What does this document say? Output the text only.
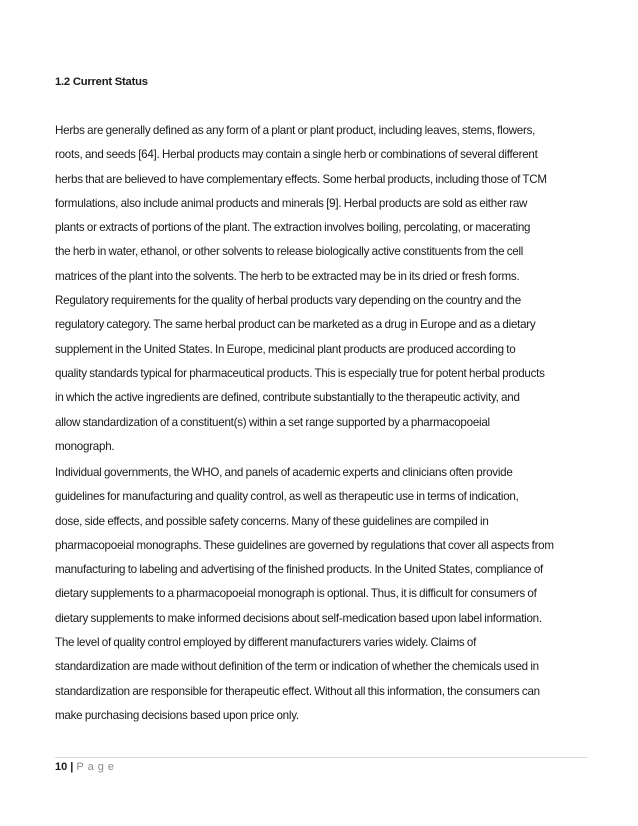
1.2 Current Status

Herbs are generally defined as any form of a plant or plant product, including leaves, stems, flowers,
roots, and seeds [64]. Herbal products may contain a single herb or combinations of several different
herbs that are believed to have complementary effects. Some herbal products, including those of TCM
formulations, also include animal products and minerals [9]. Herbal products are sold as either raw
plants or extracts of portions of the plant. The extraction involves boiling, percolating, or macerating
the herb in water, ethanol, or other solvents to release biologically active constituents from the cell
matrices of the plant into the solvents. The herb to be extracted may be in its dried or fresh forms.
Regulatory requirements for the quality of herbal products vary depending on the country and the
regulatory category. The same herbal product can be marketed as a drug in Europe and as a dietary
supplement in the United States. In Europe, medicinal plant products are produced according to
quality standards typical for pharmaceutical products. This is especially true for potent herbal products
in which the active ingredients are defined, contribute substantially to the therapeutic activity, and
allow standardization of a constituent(s) within a set range supported by a pharmacopoeial
monograph.

Individual governments, the WHO, and panels of academic experts and clinicians often provide
guidelines for manufacturing and quality control, as well as therapeutic use in terms of indication,
dose, side effects, and possible safety concerns. Many of these guidelines are compiled in
pharmacopoeial monographs. These guidelines are governed by regulations that cover all aspects from
manufacturing to labeling and advertising of the finished products. In the United States, compliance of
dietary supplements to a pharmacopoeial monograph is optional. Thus, it is difficult for consumers of
dietary supplements to make informed decisions about self-medication based upon label information.
The level of quality control employed by different manufacturers varies widely. Claims of
standardization are made without definition of the term or indication of whether the chemicals used in
standardization are responsible for therapeutic effect. Without all this information, the consumers can
make purchasing decisions based upon price only.

10 | Page
